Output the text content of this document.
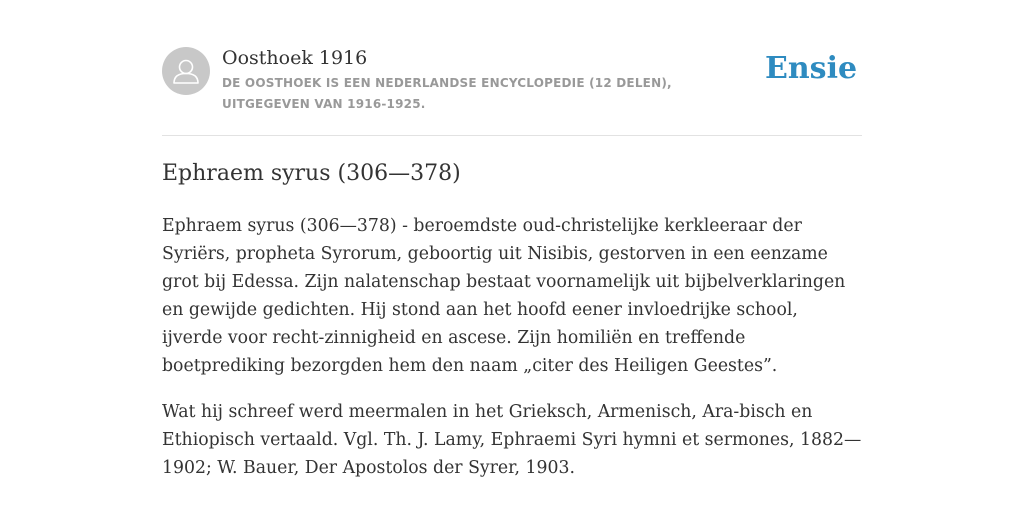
Oosthoek 1916
DE OOSTHOEK IS EEN NEDERLANDSE ENCYCLOPEDIE (12 DELEN), UITGEGEVEN VAN 1916-1925.
Ensie
Ephraem syrus (306—378)

Ephraem syrus (306—378) - beroemdste oud-christelijke kerkleeraar der Syriërs, propheta Syrorum, geboortig uit Nisibis, gestorven in een eenzame grot bij Edessa. Zijn nalatenschap bestaat voornamelijk uit bijbelverklaringen en gewijde gedichten. Hij stond aan het hoofd eener invloedrijke school, ijverde voor recht-zinnigheid en ascese. Zijn homiliën en treffende boetprediking bezorgden hem den naam „citer des Heiligen Geestes”.

Wat hij schreef werd meermalen in het Grieksch, Armenisch, Ara-bisch en Ethiopisch vertaald. Vgl. Th. J. Lamy, Ephraemi Syri hymni et sermones, 1882—1902; W. Bauer, Der Apostolos der Syrer, 1903.
